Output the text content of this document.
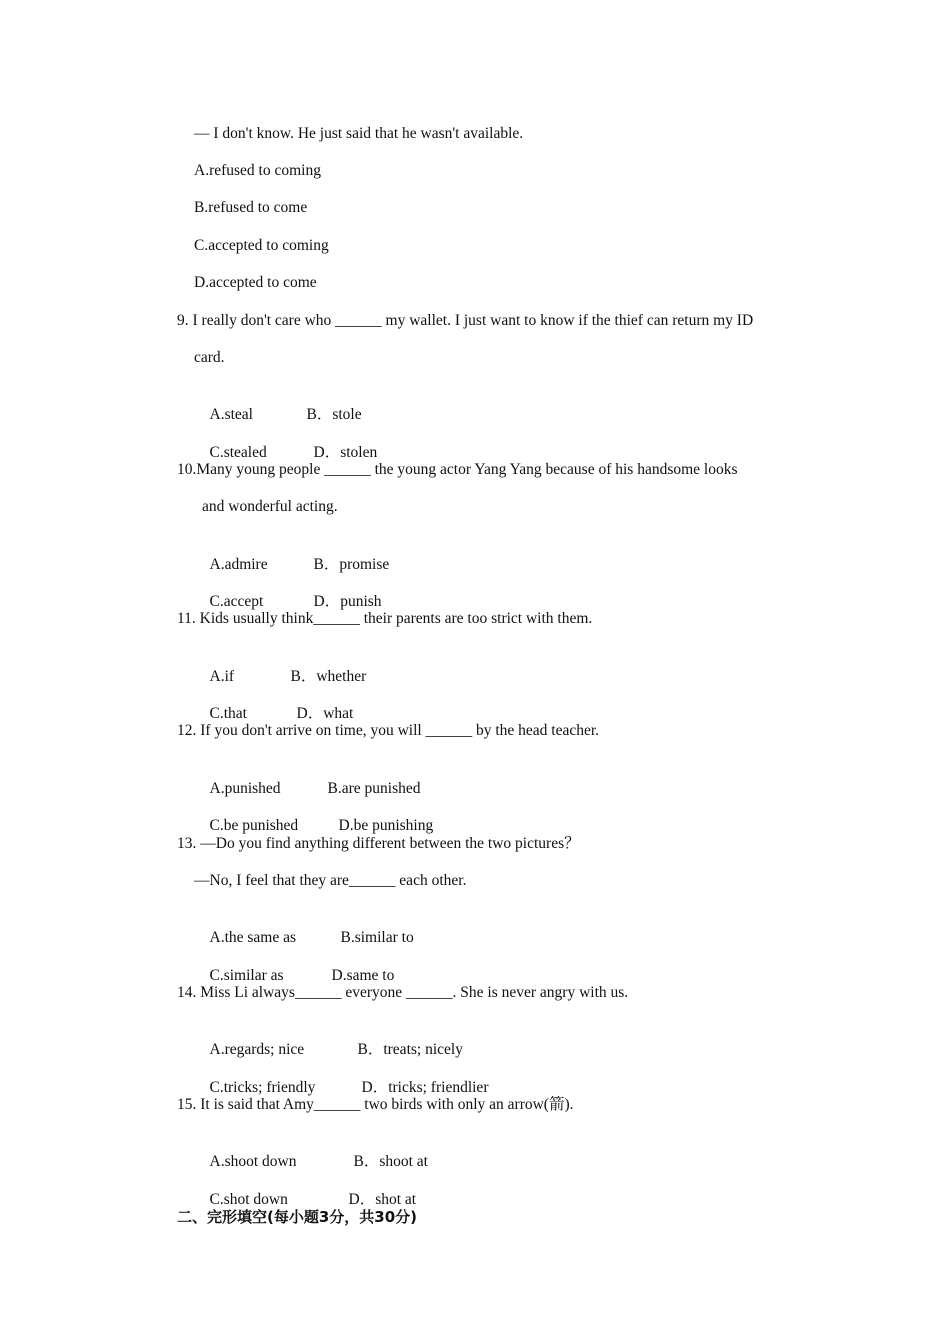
— I don't know. He just said that he wasn't available.

A.refused to coming

B.refused to come

C.accepted to coming

D.accepted to come

9. I really don't care who ______ my wallet. I just want to know if the thief can return my ID

card.

A.steal	B．stole

C.stealed	D．stolen

10.Many young people ______ the young actor Yang Yang because of his handsome looks

and wonderful acting.

A.admire	B．promise

C.accept	D．punish

11. Kids usually think______ their parents are too strict with them.

A.if	B．whether

C.that	D．what

12. If you don't arrive on time, you will ______ by the head teacher.

A.punished	B.are punished

C.be punished	D.be punishing

13. —Do you find anything different between the two pictures？

—No, I feel that they are______ each other.

A.the same as	B.similar to

C.similar as	D.same to

14. Miss Li always______ everyone ______. She is never angry with us.

A.regards; nice	B．treats; nicely

C.tricks; friendly	D．tricks; friendlier

15. It is said that Amy______ two birds with only an arrow(箭).

A.shoot down	B．shoot at

C.shot down	D．shot at

二、完形填空(每小题3分，共30分)
